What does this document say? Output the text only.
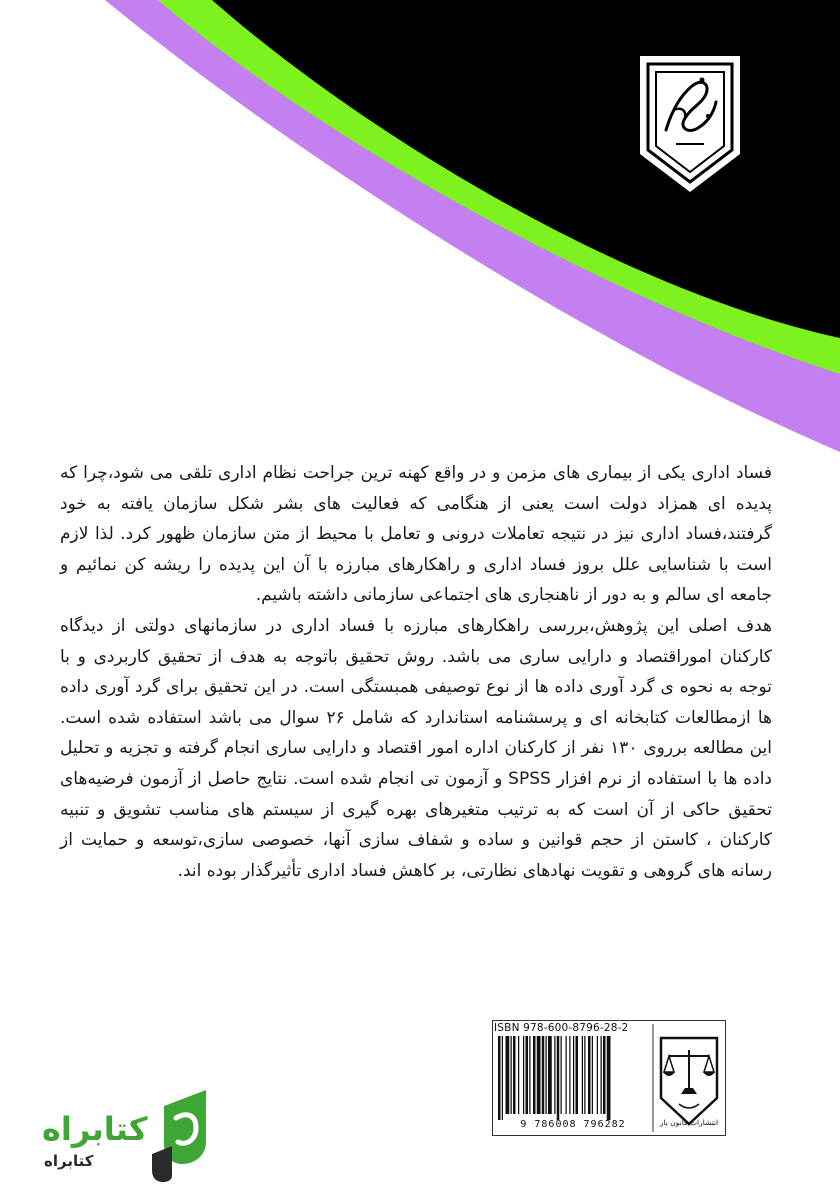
فساد اداری یکی از بیماری های مزمن و در واقع کهنه ترین جراحت نظام اداری تلقی می شود،چرا که پدیده ای همزاد دولت است یعنی از هنگامی که فعالیت های بشر شکل سازمان یافته به خود گرفتند،فساد اداری نیز در نتیجه تعاملات درونی و تعامل با محیط از متن سازمان ظهور کرد. لذا لازم است با شناسایی علل بروز فساد اداری و راهکارهای مبارزه با آن این پدیده را ریشه کن نمائیم و جامعه ای سالم و به دور از ناهنجاری های اجتماعی سازمانی داشته باشیم.

هدف اصلی این پژوهش،بررسی راهکارهای مبارزه با فساد اداری در سازمانهای دولتی از دیدگاه کارکنان اموراقتصاد و دارایی ساری می باشد. روش تحقیق باتوجه به هدف از تحقیق کاربردی و با توجه به نحوه ی گرد آوری داده ها از نوع توصیفی همبستگی است. در این تحقیق برای گرد آوری داده ها ازمطالعات کتابخانه ای و پرسشنامه استاندارد که شامل ۲۶ سوال می باشد استفاده شده است. این مطالعه برروی ۱۳۰ نفر از کارکنان اداره امور اقتصاد و دارایی ساری انجام گرفته و تجزیه و تحلیل داده ها با استفاده از نرم افزار SPSS و آزمون تی انجام شده است. نتایج حاصل از آزمون فرضیه‌های تحقیق حاکی از آن است که به ترتیب متغیرهای بهره گیری از سیستم های مناسب تشویق و تنبیه کارکنان ، کاستن از حجم قوانین و ساده و شفاف سازی آنها، خصوصی سازی،توسعه و حمایت از رسانه های گروهی و تقویت نهادهای نظارتی، بر کاهش فساد اداری تأثیرگذار بوده اند.

ISBN 978-600-8796-28-2
9 786008 796282	انتشارات قانون یار
کتابراه
کتابراه
